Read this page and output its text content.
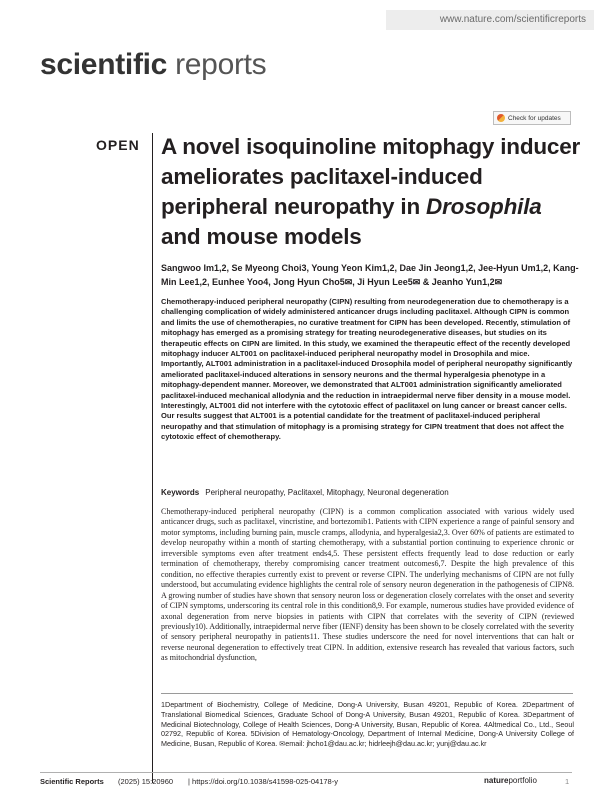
www.nature.com/scientificreports
scientific reports
Check for updates
OPEN A novel isoquinoline mitophagy inducer ameliorates paclitaxel-induced peripheral neuropathy in Drosophila and mouse models
Sangwoo Im1,2, Se Myeong Choi3, Young Yeon Kim1,2, Dae Jin Jeong1,2, Jee-Hyun Um1,2, Kang-Min Lee1,2, Eunhee Yoo4, Jong Hyun Cho5✉, Ji Hyun Lee5✉ & Jeanho Yun1,2✉
Chemotherapy-induced peripheral neuropathy (CIPN) resulting from neurodegeneration due to chemotherapy is a challenging complication of widely administered anticancer drugs including paclitaxel. Although CIPN is common and limits the use of chemotherapies, no curative treatment for CIPN has been developed. Recently, stimulation of mitophagy has emerged as a promising strategy for treating neurodegenerative diseases, but studies on its therapeutic effects on CIPN are limited. In this study, we examined the therapeutic effect of the recently developed mitophagy inducer ALT001 on paclitaxel-induced peripheral neuropathy model in Drosophila and mice. Importantly, ALT001 administration in a paclitaxel-induced Drosophila model of peripheral neuropathy significantly ameliorated paclitaxel-induced alterations in sensory neurons and the thermal hyperalgesia phenotype in a mitophagy-dependent manner. Moreover, we demonstrated that ALT001 administration significantly ameliorated paclitaxel-induced mechanical allodynia and the reduction in intraepidermal nerve fiber density in a mouse model. Interestingly, ALT001 did not interfere with the cytotoxic effect of paclitaxel on lung cancer or breast cancer cells. Our results suggest that ALT001 is a potential candidate for the treatment of paclitaxel-induced peripheral neuropathy and that stimulation of mitophagy is a promising strategy for CIPN treatment that does not affect the cytotoxic effect of chemotherapy.
Keywords Peripheral neuropathy, Paclitaxel, Mitophagy, Neuronal degeneration
Chemotherapy-induced peripheral neuropathy (CIPN) is a common complication associated with various widely used anticancer drugs, such as paclitaxel, vincristine, and bortezomib1. Patients with CIPN experience a range of painful sensory and motor symptoms, including burning pain, muscle cramps, allodynia, and hyperalgesia2,3. Over 60% of patients are estimated to develop neuropathy within a month of starting chemotherapy, with a substantial portion continuing to experience chronic or irreversible symptoms even after treatment ends4,5. These persistent effects frequently lead to dose reduction or early termination of chemotherapy, thereby compromising cancer treatment outcomes6,7. Despite the high prevalence of this condition, no effective therapies currently exist to prevent or reverse CIPN. The underlying mechanisms of CIPN are not fully understood, but accumulating evidence highlights the central role of sensory neuron degeneration in the pathogenesis of CIPN8. A growing number of studies have shown that sensory neuron loss or degeneration closely correlates with the onset and severity of CIPN symptoms, underscoring its central role in this condition8,9. For example, numerous studies have provided evidence of axonal degeneration from nerve biopsies in patients with CIPN that correlates with the severity of CIPN (reviewed previously10). Additionally, intraepidermal nerve fiber (IENF) density has been shown to be closely correlated with the severity of sensory peripheral neuropathy in patients11. These studies underscore the need for novel interventions that can halt or reverse neuronal degeneration to effectively treat CIPN. In addition, extensive research has revealed that various factors, such as mitochondrial dysfunction,
1Department of Biochemistry, College of Medicine, Dong-A University, Busan 49201, Republic of Korea. 2Department of Translational Biomedical Sciences, Graduate School of Dong-A University, Busan 49201, Republic of Korea. 3Department of Medicinal Biotechnology, College of Health Sciences, Dong-A University, Busan, Republic of Korea. 4Altmedical Co., Ltd., Seoul 02792, Republic of Korea. 5Division of Hematology-Oncology, Department of Internal Medicine, Dong-A University College of Medicine, Busan, Republic of Korea. ✉email: jhcho1@dau.ac.kr; hidrleejh@dau.ac.kr; yunj@dau.ac.kr
Scientific Reports (2025) 15:20960 | https://doi.org/10.1038/s41598-025-04178-y	natureportfolio	1
